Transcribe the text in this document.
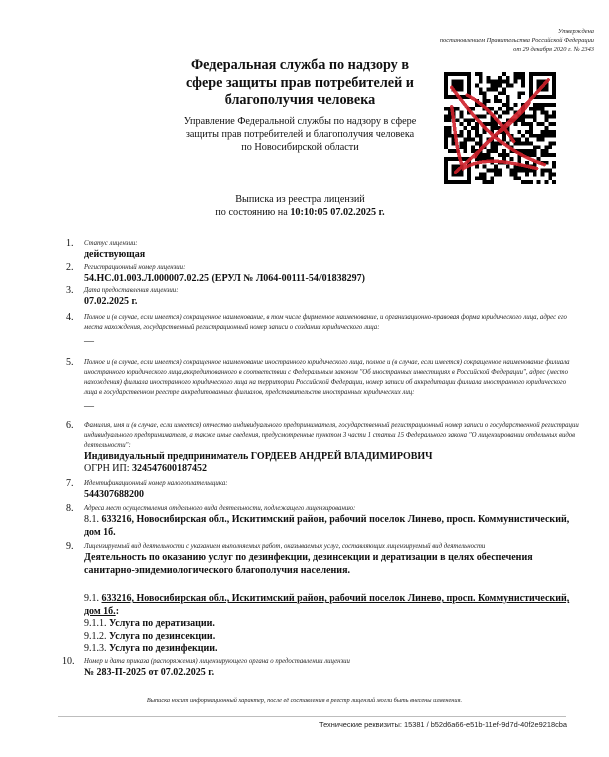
Утверждена
постановлением Правительства Российской Федерации
от 29 декабря 2020 г. № 2343
Федеральная служба по надзору в сфере защиты прав потребителей и благополучия человека
Управление Федеральной службы по надзору в сфере защиты прав потребителей и благополучия человека по Новосибирской области
Выписка из реестра лицензий
по состоянию на 10:10:05 07.02.2025 г.
1. Статус лицензии:
действующая
2. Регистрационный номер лицензии:
54.НС.01.003.Л.000007.02.25 (ЕРУЛ № Л064-00111-54/01838297)
3. Дата предоставления лицензии:
07.02.2025 г.
4. Полное и (в случае, если имеется) сокращенное наименование, в том числе фирменное наименование, и организационно-правовая форма юридического лица, адрес его места нахождения, государственный регистрационный номер записи о создании юридического лица:
—
5. Полное и (в случае, если имеется) сокращенное наименование иностранного юридического лица, полное и (в случае, если имеется) сокращенное наименование филиала иностранного юридического лица,аккредитованного в соответствии с Федеральным законом "Об иностранных инвестициях в Российской Федерации", адрес (место нахождения) филиала иностранного юридического лица на территории Российской Федерации, номер записи об аккредитации филиала иностранного юридического лица в государственном реестре аккредитованных филиалов, представительств иностранных юридических лиц:
—
6. Фамилия, имя и (в случае, если имеется) отчество индивидуального предпринимателя, государственный регистрационный номер записи о государственной регистрации индивидуального предпринимателя, а также иные сведения, предусмотренные пунктом 3 части 1 статьи 15 Федерального закона "О лицензировании отдельных видов деятельности":
Индивидуальный предприниматель ГОРДЕЕВ АНДРЕЙ ВЛАДИМИРОВИЧ
ОГРН ИП: 324547600187452
7. Идентификационный номер налогоплательщика:
544307688200
8. Адреса мест осуществления отдельного вида деятельности, подлежащего лицензированию:
8.1. 633216, Новосибирская обл., Искитимский район, рабочий поселок Линево, просп. Коммунистический, дом 1б.
9. Лицензируемый вид деятельности с указанием выполняемых работ, оказываемых услуг, составляющих лицензируемый вид деятельности
Деятельность по оказанию услуг по дезинфекции, дезинсекции и дератизации в целях обеспечения санитарно-эпидемиологического благополучия населения.
9.1. 633216, Новосибирская обл., Искитимский район, рабочий поселок Линево, просп. Коммунистический, дом 1б.:
9.1.1. Услуга по дератизации.
9.1.2. Услуга по дезинсекции.
9.1.3. Услуга по дезинфекции.
10. Номер и дата приказа (распоряжения) лицензирующего органа о предоставлении лицензии
№ 283-П-2025 от 07.02.2025 г.
Выписка носит информационный характер, после её составления в реестр лицензий могли быть внесены изменения.
Технические реквизиты: 15381 / b52d6a66-e51b-11ef-9d7d-40f2e9218cba
